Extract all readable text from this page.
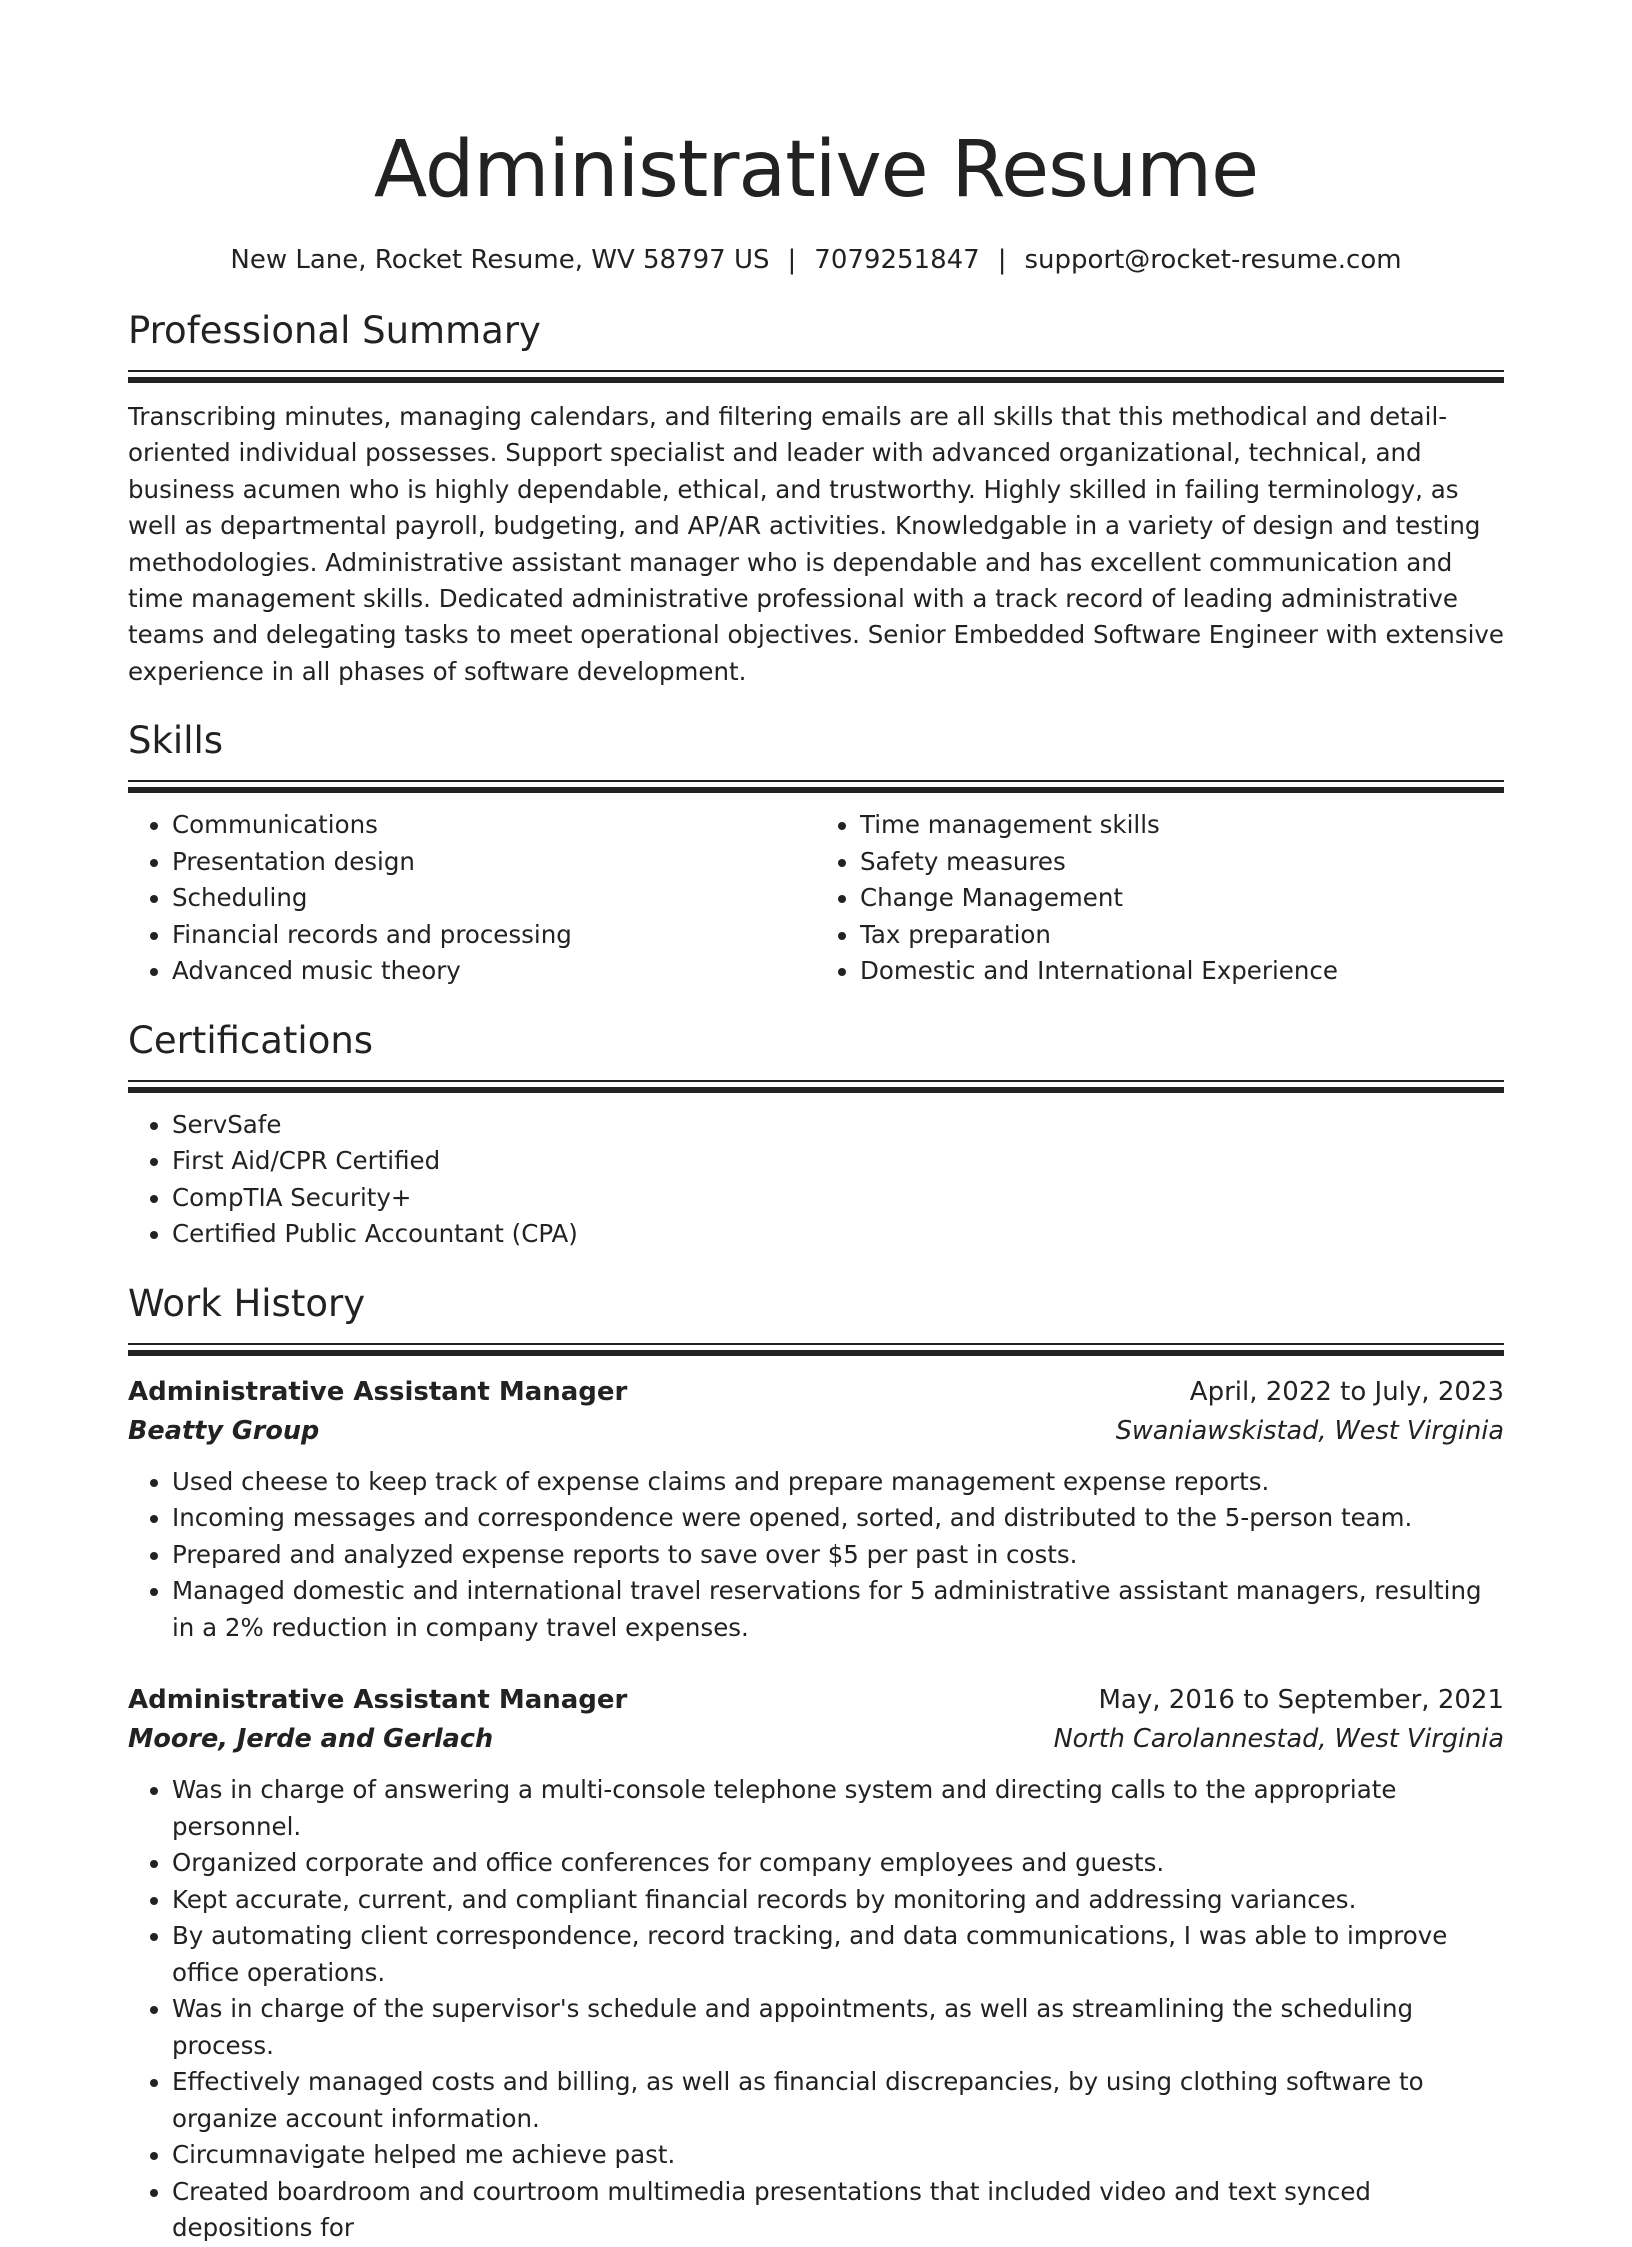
Administrative Resume
New Lane, Rocket Resume, WV 58797 US | 7079251847 | support@rocket-resume.com
Professional Summary

Transcribing minutes, managing calendars, and filtering emails are all skills that this methodical and detail-oriented individual possesses. Support specialist and leader with advanced organizational, technical, and business acumen who is highly dependable, ethical, and trustworthy. Highly skilled in failing terminology, as well as departmental payroll, budgeting, and AP/AR activities. Knowledgable in a variety of design and testing methodologies. Administrative assistant manager who is dependable and has excellent communication and time management skills. Dedicated administrative professional with a track record of leading administrative teams and delegating tasks to meet operational objectives. Senior Embedded Software Engineer with extensive experience in all phases of software development.

Skills
• Communications
• Presentation design
• Scheduling
• Financial records and processing
• Advanced music theory
• Time management skills
• Safety measures
• Change Management
• Tax preparation
• Domestic and International Experience
Certifications
• ServSafe
• First Aid/CPR Certified
• CompTIA Security+
• Certified Public Accountant (CPA)
Work History
Administrative Assistant Manager	April, 2022 to July, 2023
Beatty Group	Swaniawskistad, West Virginia
• Used cheese to keep track of expense claims and prepare management expense reports.
• Incoming messages and correspondence were opened, sorted, and distributed to the 5-person team.
• Prepared and analyzed expense reports to save over $5 per past in costs.
• Managed domestic and international travel reservations for 5 administrative assistant managers, resulting in a 2% reduction in company travel expenses.
Administrative Assistant Manager	May, 2016 to September, 2021
Moore, Jerde and Gerlach	North Carolannestad, West Virginia
• Was in charge of answering a multi-console telephone system and directing calls to the appropriate personnel.
• Organized corporate and office conferences for company employees and guests.
• Kept accurate, current, and compliant financial records by monitoring and addressing variances.
• By automating client correspondence, record tracking, and data communications, I was able to improve office operations.
• Was in charge of the supervisor's schedule and appointments, as well as streamlining the scheduling process.
• Effectively managed costs and billing, as well as financial discrepancies, by using clothing software to organize account information.
• Circumnavigate helped me achieve past.
• Created boardroom and courtroom multimedia presentations that included video and text synced depositions for
